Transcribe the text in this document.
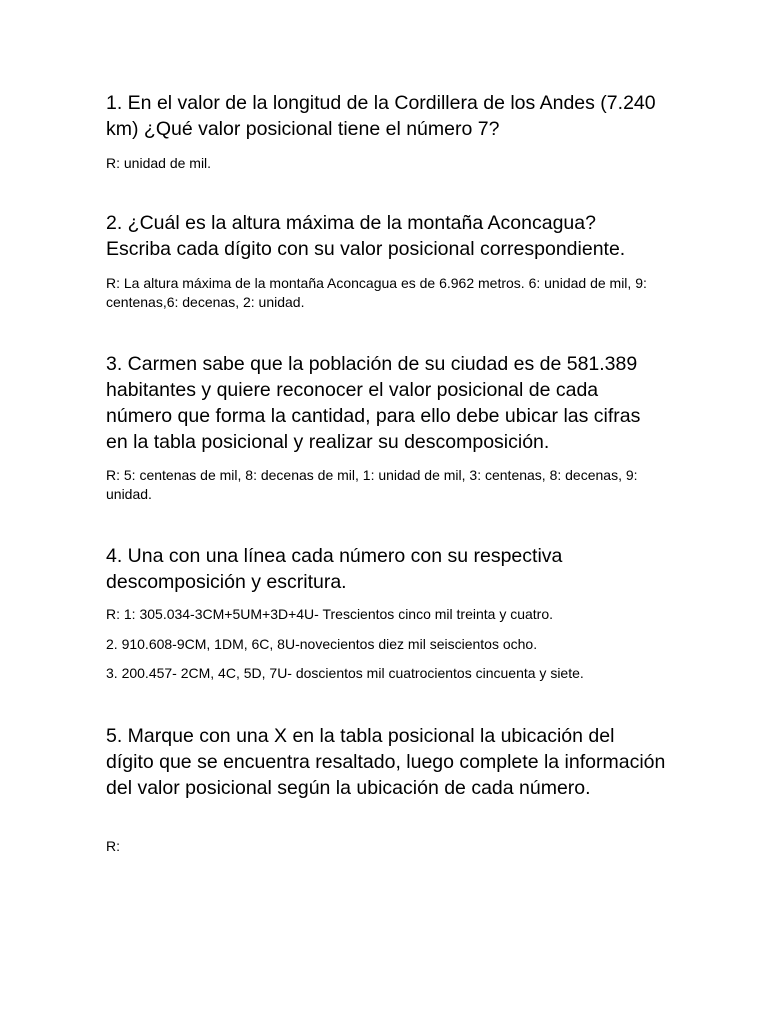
1. En el valor de la longitud de la Cordillera de los Andes (7.240 km) ¿Qué valor posicional tiene el número 7?

R: unidad de mil.

2. ¿Cuál es la altura máxima de la montaña Aconcagua? Escriba cada dígito con su valor posicional correspondiente.

R: La altura máxima de la montaña Aconcagua es de 6.962 metros. 6: unidad de mil, 9: centenas,6: decenas, 2: unidad.

3. Carmen sabe que la población de su ciudad es de 581.389 habitantes y quiere reconocer el valor posicional de cada número que forma la cantidad, para ello debe ubicar las cifras en la tabla posicional y realizar su descomposición.

R: 5: centenas de mil, 8: decenas de mil, 1: unidad de mil, 3: centenas, 8: decenas, 9: unidad.

4. Una con una línea cada número con su respectiva descomposición y escritura.

R: 1: 305.034-3CM+5UM+3D+4U- Trescientos cinco mil treinta y cuatro.

2. 910.608-9CM, 1DM, 6C, 8U-novecientos diez mil seiscientos ocho.

3. 200.457- 2CM, 4C, 5D, 7U- doscientos mil cuatrocientos cincuenta y siete.

5. Marque con una X en la tabla posicional la ubicación del dígito que se encuentra resaltado, luego complete la información del valor posicional según la ubicación de cada número.

R:
